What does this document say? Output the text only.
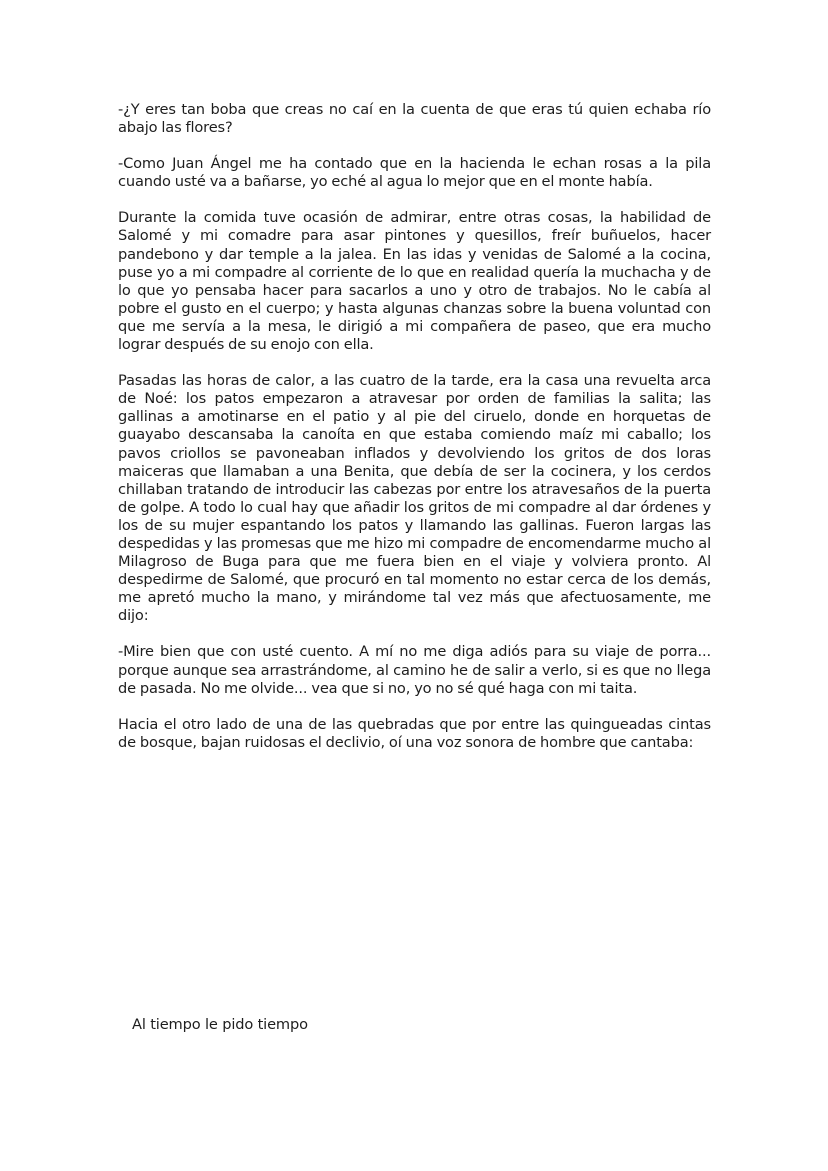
-¿Y eres tan boba que creas no caí en la cuenta de que eras tú quien echaba río abajo las flores?

-Como Juan Ángel me ha contado que en la hacienda le echan rosas a la pila cuando usté va a bañarse, yo eché al agua lo mejor que en el monte había.

Durante la comida tuve ocasión de admirar, entre otras cosas, la habilidad de Salomé y mi comadre para asar pintones y quesillos, freír buñuelos, hacer pandebono y dar temple a la jalea. En las idas y venidas de Salomé a la cocina, puse yo a mi compadre al corriente de lo que en realidad quería la muchacha y de lo que yo pensaba hacer para sacarlos a uno y otro de trabajos. No le cabía al pobre el gusto en el cuerpo; y hasta algunas chanzas sobre la buena voluntad con que me servía a la mesa, le dirigió a mi compañera de paseo, que era mucho lograr después de su enojo con ella.

Pasadas las horas de calor, a las cuatro de la tarde, era la casa una revuelta arca de Noé: los patos empezaron a atravesar por orden de familias la salita; las gallinas a amotinarse en el patio y al pie del ciruelo, donde en horquetas de guayabo descansaba la canoíta en que estaba comiendo maíz mi caballo; los pavos criollos se pavoneaban inflados y devolviendo los gritos de dos loras maiceras que llamaban a una Benita, que debía de ser la cocinera, y los cerdos chillaban tratando de introducir las cabezas por entre los atravesaños de la puerta de golpe. A todo lo cual hay que añadir los gritos de mi compadre al dar órdenes y los de su mujer espantando los patos y llamando las gallinas. Fueron largas las despedidas y las promesas que me hizo mi compadre de encomendarme mucho al Milagroso de Buga para que me fuera bien en el viaje y volviera pronto. Al despedirme de Salomé, que procuró en tal momento no estar cerca de los demás, me apretó mucho la mano, y mirándome tal vez más que afectuosamente, me dijo:

-Mire bien que con usté cuento. A mí no me diga adiós para su viaje de porra... porque aunque sea arrastrándome, al camino he de salir a verlo, si es que no llega de pasada. No me olvide... vea que si no, yo no sé qué haga con mi taita.

Hacia el otro lado de una de las quebradas que por entre las quingueadas cintas de bosque, bajan ruidosas el declivio, oí una voz sonora de hombre que cantaba:

Al tiempo le pido tiempo
